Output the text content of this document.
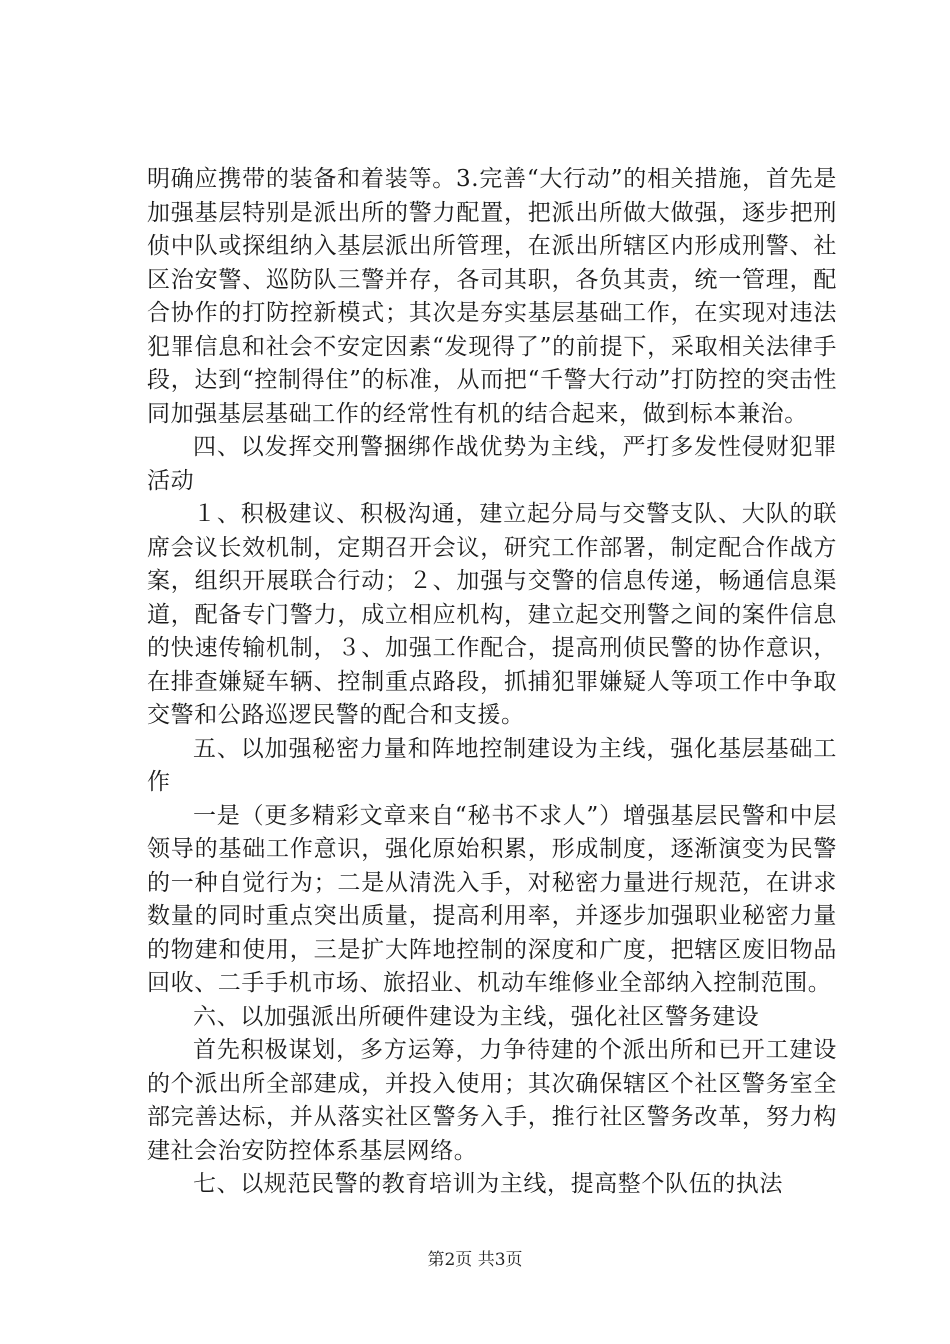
明确应携带的装备和着装等。3.完善“大行动”的相关措施，首先是加强基层特别是派出所的警力配置，把派出所做大做强，逐步把刑侦中队或探组纳入基层派出所管理，在派出所辖区内形成刑警、社区治安警、巡防队三警并存，各司其职，各负其责，统一管理，配合协作的打防控新模式；其次是夯实基层基础工作，在实现对违法犯罪信息和社会不安定因素“发现得了”的前提下，采取相关法律手段，达到“控制得住”的标准，从而把“千警大行动”打防控的突击性同加强基层基础工作的经常性有机的结合起来，做到标本兼治。

四、以发挥交刑警捆绑作战优势为主线，严打多发性侵财犯罪活动

１、积极建议、积极沟通，建立起分局与交警支队、大队的联席会议长效机制，定期召开会议，研究工作部署，制定配合作战方案，组织开展联合行动；２、加强与交警的信息传递，畅通信息渠道，配备专门警力，成立相应机构，建立起交刑警之间的案件信息的快速传输机制，３、加强工作配合，提高刑侦民警的协作意识，在排查嫌疑车辆、控制重点路段，抓捕犯罪嫌疑人等项工作中争取交警和公路巡逻民警的配合和支援。

五、以加强秘密力量和阵地控制建设为主线，强化基层基础工作

一是（更多精彩文章来自“秘书不求人”）增强基层民警和中层领导的基础工作意识，强化原始积累，形成制度，逐渐演变为民警的一种自觉行为；二是从清洗入手，对秘密力量进行规范，在讲求数量的同时重点突出质量，提高利用率，并逐步加强职业秘密力量的物建和使用，三是扩大阵地控制的深度和广度，把辖区废旧物品回收、二手手机市场、旅招业、机动车维修业全部纳入控制范围。

六、以加强派出所硬件建设为主线，强化社区警务建设

首先积极谋划，多方运筹，力争待建的个派出所和已开工建设的个派出所全部建成，并投入使用；其次确保辖区个社区警务室全部完善达标，并从落实社区警务入手，推行社区警务改革，努力构建社会治安防控体系基层网络。

七、以规范民警的教育培训为主线，提高整个队伍的执法

第2页 共3页
